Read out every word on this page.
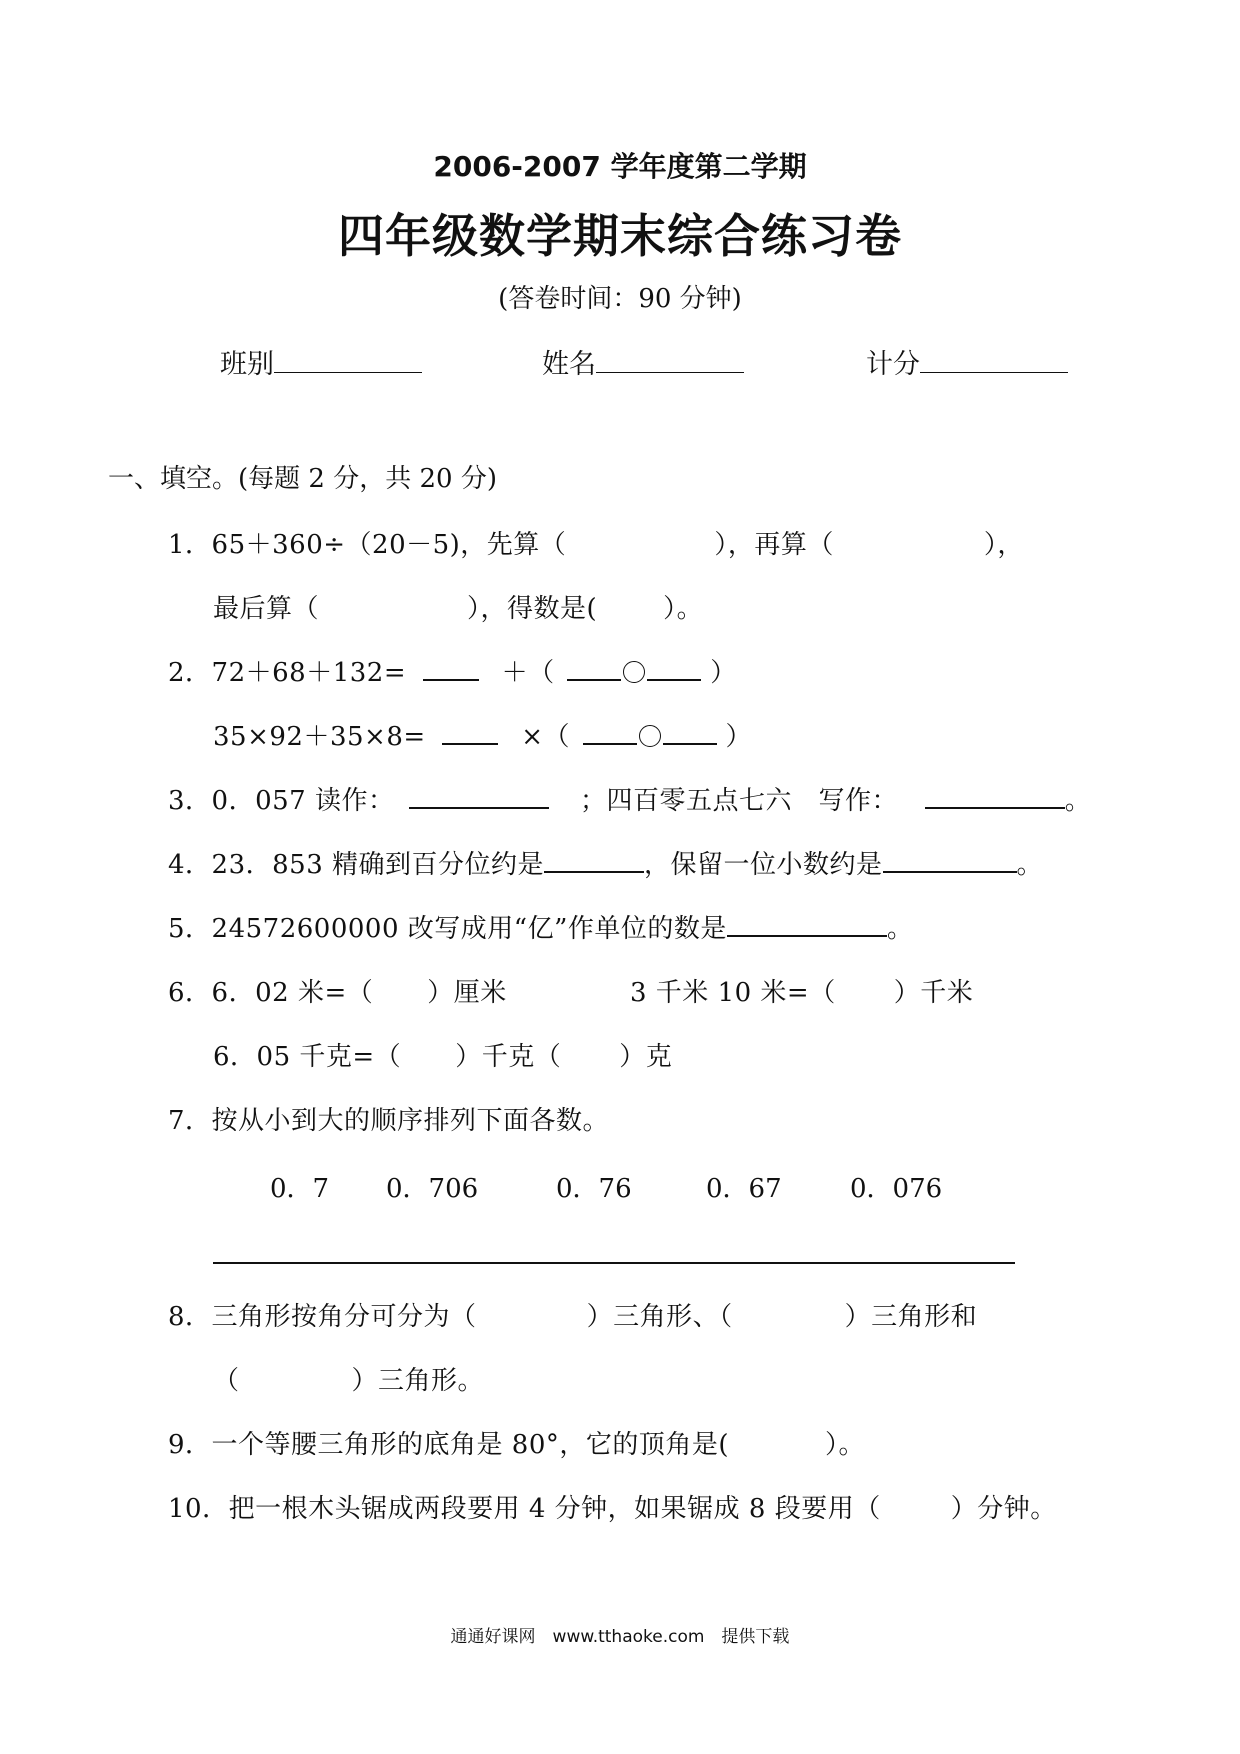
2006-2007 学年度第二学期
四年级数学期末综合练习卷
(答卷时间：90 分钟)
班别	姓名	计分
一、填空。(每题 2 分，共 20 分)
1．65＋360÷（20－5)，先算（	），再算（	），
最后算（	），得数是(	）。
2．72＋68＋132=	＋（	）
35×92＋35×8=	×（	）
3．0．057 读作：	；四百零五点七六　写作：	。
4．23．853 精确到百分位约是	，保留一位小数约是	。
5．24572600000 改写成用“亿”作单位的数是	。
6．6．02 米=（ ）厘米	3 千米 10 米=（ ）千米
6．05 千克=（ ）千克（ ）克
7．按从小到大的顺序排列下面各数。
0．7 0．706	0．76	0．67	0．076
8．三角形按角分可分为（	）三角形、（	）三角形和
（	）三角形。
9．一个等腰三角形的底角是 80°，它的顶角是(	）。
10．把一根木头锯成两段要用 4 分钟，如果锯成 8 段要用（	）分钟。
通通好课网　www.tthaoke.com　提供下载
